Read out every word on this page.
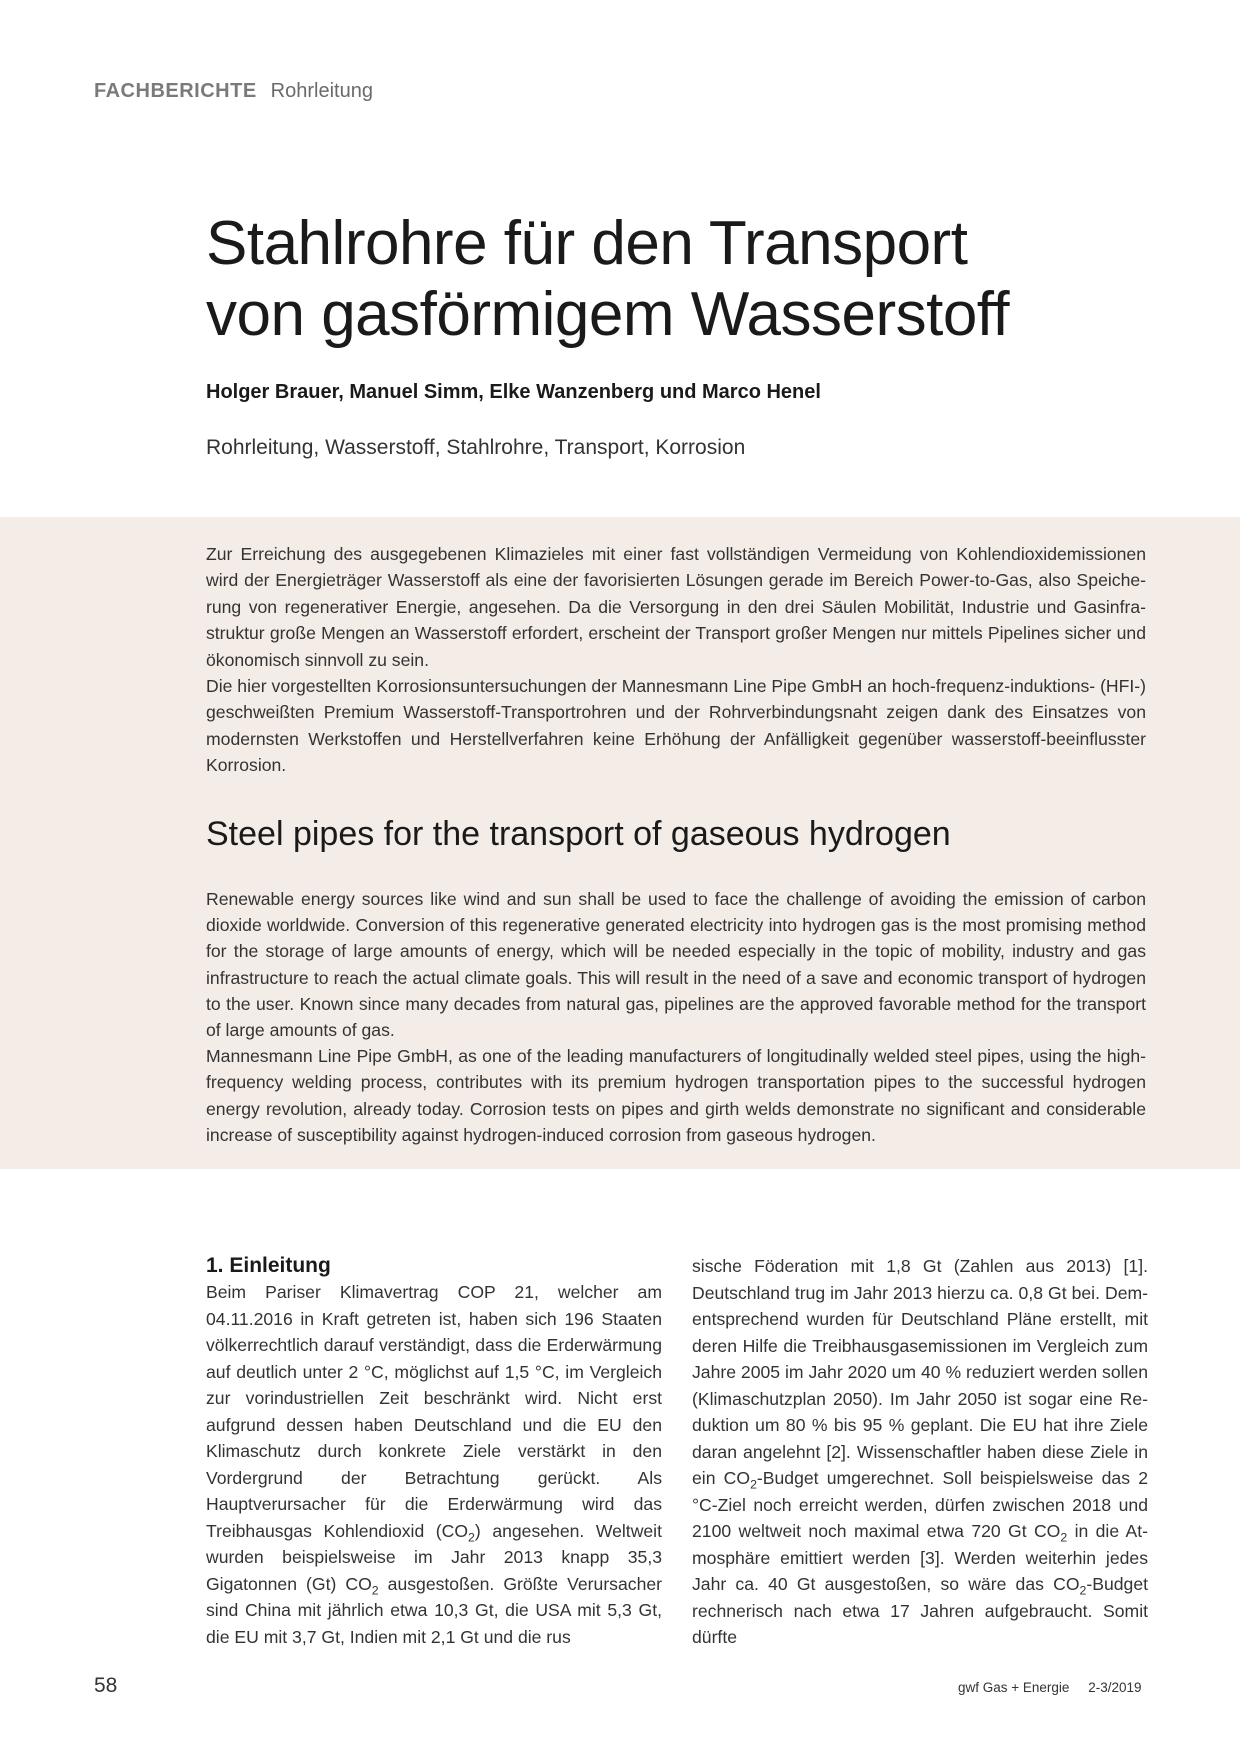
FACHBERICHTE Rohrleitung
Stahlrohre für den Transport
von gasförmigem Wasserstoff
Holger Brauer, Manuel Simm, Elke Wanzenberg und Marco Henel
Rohrleitung, Wasserstoff, Stahlrohre, Transport, Korrosion

Zur Erreichung des ausgegebenen Klimazieles mit einer fast vollständigen Vermeidung von Kohlendioxidemissionen wird der Energieträger Wasserstoff als eine der favorisierten Lösungen gerade im Bereich Power-to-Gas, also Speicherung von regenerativer Energie, angesehen. Da die Versorgung in den drei Säulen Mobilität, Industrie und Gasinfrastruktur große Mengen an Wasserstoff erfordert, erscheint der Transport großer Mengen nur mittels Pipelines sicher und ökonomisch sinnvoll zu sein.

Die hier vorgestellten Korrosionsuntersuchungen der Mannesmann Line Pipe GmbH an hoch-frequenz-induktions- (HFI-) geschweißten Premium Wasserstoff-Transportrohren und der Rohrverbindungsnaht zeigen dank des Einsatzes von modernsten Werkstoffen und Herstellverfahren keine Erhöhung der Anfälligkeit gegenüber wasserstoff-beeinflusster Korrosion.

Steel pipes for the transport of gaseous hydrogen

Renewable energy sources like wind and sun shall be used to face the challenge of avoiding the emission of carbon dioxide worldwide. Conversion of this regenerative generated electricity into hydrogen gas is the most promising method for the storage of large amounts of energy, which will be needed especially in the topic of mobility, industry and gas infrastructure to reach the actual climate goals. This will result in the need of a save and economic transport of hydrogen to the user. Known since many decades from natural gas, pipelines are the approved favorable method for the transport of large amounts of gas.

Mannesmann Line Pipe GmbH, as one of the leading manufacturers of longitudinally welded steel pipes, using the high-frequency welding process, contributes with its premium hydrogen transportation pipes to the successful hydrogen energy revolution, already today. Corrosion tests on pipes and girth welds demonstrate no significant and considerable increase of susceptibility against hydrogen-induced corrosion from gaseous hydrogen.

1. Einleitung

Beim Pariser Klimavertrag COP 21, welcher am 04.11.2016 in Kraft getreten ist, haben sich 196 Staaten völkerrechtlich darauf verständigt, dass die Erderwärmung auf deutlich unter 2 °C, möglichst auf 1,5 °C, im Vergleich zur vorindustriellen Zeit beschränkt wird. Nicht erst aufgrund dessen haben Deutschland und die EU den Klimaschutz durch konkrete Ziele verstärkt in den Vordergrund der Betrachtung gerückt. Als Hauptverursacher für die Erderwärmung wird das Treibhausgas Kohlendioxid $(CO_2)$ angesehen. Weltweit wurden beispielsweise im Jahr 2013 knapp 35,3 Gigatonnen (Gt) $CO_2$ ausgestoßen. Größte Verursacher sind China mit jährlich etwa 10,3 Gt, die USA mit 5,3 Gt, die EU mit 3,7 Gt, Indien mit 2,1 Gt und die rus

sische Föderation mit 1,8 Gt (Zahlen aus 2013) [1]. Deutschland trug im Jahr 2013 hierzu ca. 0,8 Gt bei. Dementsprechend wurden für Deutschland Pläne erstellt, mit deren Hilfe die Treibhausgasemissionen im Vergleich zum Jahre 2005 im Jahr 2020 um 40 % reduziert werden sollen (Klimaschutzplan 2050). Im Jahr 2050 ist sogar eine Reduktion um 80 % bis 95 % geplant. Die EU hat ihre Ziele daran angelehnt [2]. Wissenschaftler haben diese Ziele in ein $CO_2$-Budget umgerechnet. Soll beispielsweise das 2 °C-Ziel noch erreicht werden, dürfen zwischen 2018 und 2100 weltweit noch maximal etwa 720 Gt $CO_2$ in die Atmosphäre emittiert werden [3]. Werden weiterhin jedes Jahr ca. 40 Gt ausgestoßen, so wäre das $CO_2$-Budget rechnerisch nach etwa 17 Jahren aufgebraucht. Somit dürfte

58	gwf Gas + Energie 2-3/2019
